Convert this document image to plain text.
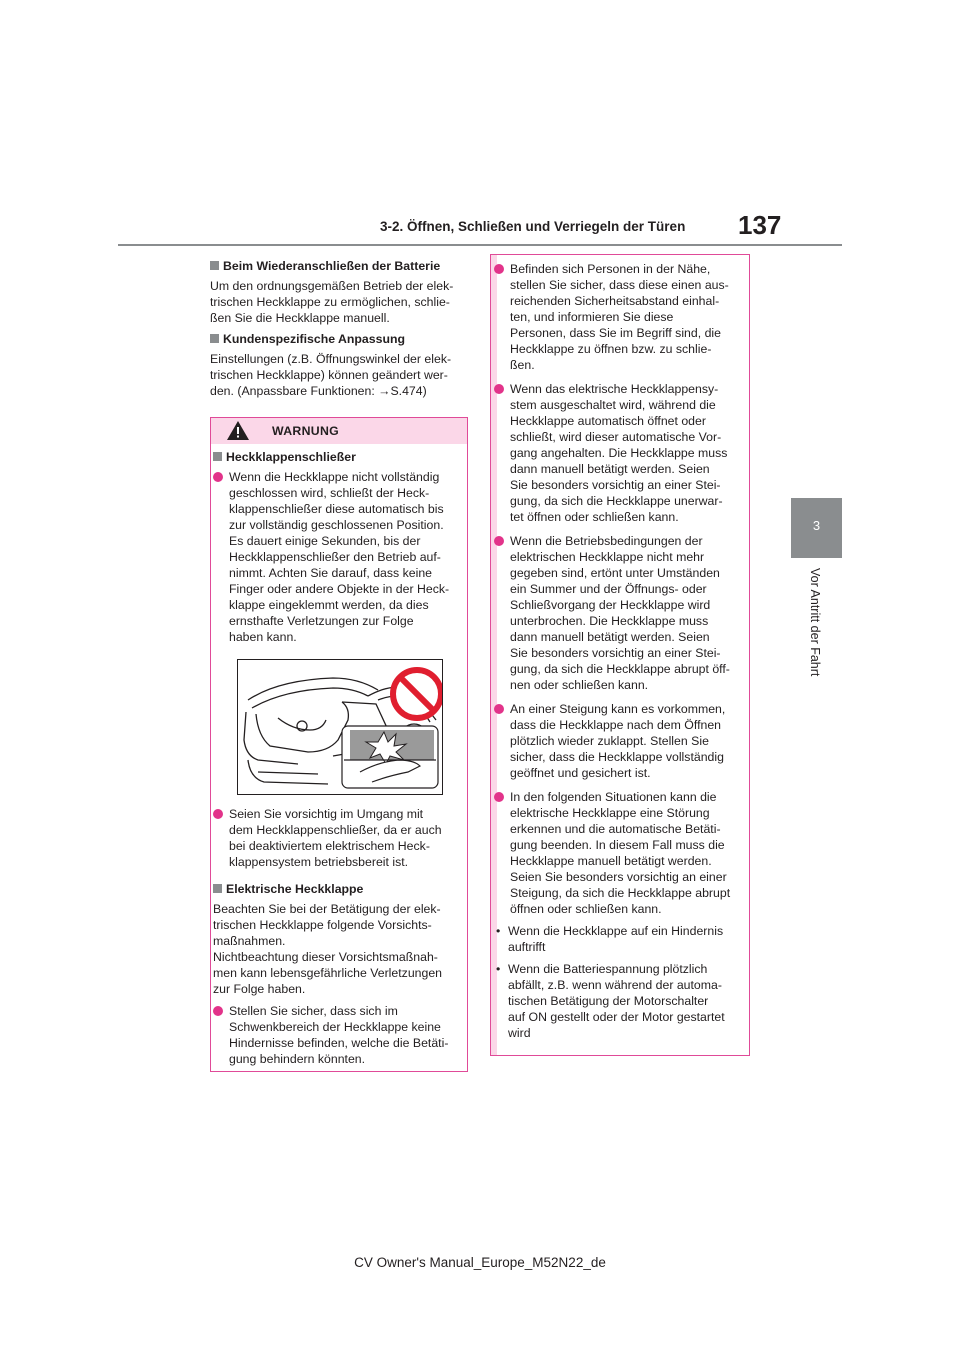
3-2. Öffnen, Schließen und Verriegeln der Türen 137
3
Vor Antritt der Fahrt
Beim Wiederanschließen der Batterie
Um den ordnungsgemäßen Betrieb der elek-
trischen Heckklappe zu ermöglichen, schlie-
ßen Sie die Heckklappe manuell.
Kundenspezifische Anpassung
Einstellungen (z.B. Öffnungswinkel der elek-
trischen Heckklappe) können geändert wer-
den. (Anpassbare Funktionen: →S.474)
WARNUNG
Heckklappenschließer
Wenn die Heckklappe nicht vollständig
geschlossen wird, schließt der Heck-
klappenschließer diese automatisch bis
zur vollständig geschlossenen Position.
Es dauert einige Sekunden, bis der
Heckklappenschließer den Betrieb auf-
nimmt. Achten Sie darauf, dass keine
Finger oder andere Objekte in der Heck-
klappe eingeklemmt werden, da dies
ernsthafte Verletzungen zur Folge
haben kann.
Seien Sie vorsichtig im Umgang mit
dem Heckklappenschließer, da er auch
bei deaktiviertem elektrischem Heck-
klappensystem betriebsbereit ist.
Elektrische Heckklappe
Beachten Sie bei der Betätigung der elek-
trischen Heckklappe folgende Vorsichts-
maßnahmen.
Nichtbeachtung dieser Vorsichtsmaßnah-
men kann lebensgefährliche Verletzungen
zur Folge haben.
Stellen Sie sicher, dass sich im
Schwenkbereich der Heckklappe keine
Hindernisse befinden, welche die Betäti-
gung behindern könnten.
Befinden sich Personen in der Nähe,
stellen Sie sicher, dass diese einen aus-
reichenden Sicherheitsabstand einhal-
ten, und informieren Sie diese
Personen, dass Sie im Begriff sind, die
Heckklappe zu öffnen bzw. zu schlie-
ßen.
Wenn das elektrische Heckklappensy-
stem ausgeschaltet wird, während die
Heckklappe automatisch öffnet oder
schließt, wird dieser automatische Vor-
gang angehalten. Die Heckklappe muss
dann manuell betätigt werden. Seien
Sie besonders vorsichtig an einer Stei-
gung, da sich die Heckklappe unerwar-
tet öffnen oder schließen kann.
Wenn die Betriebsbedingungen der
elektrischen Heckklappe nicht mehr
gegeben sind, ertönt unter Umständen
ein Summer und der Öffnungs- oder
Schließvorgang der Heckklappe wird
unterbrochen. Die Heckklappe muss
dann manuell betätigt werden. Seien
Sie besonders vorsichtig an einer Stei-
gung, da sich die Heckklappe abrupt öff-
nen oder schließen kann.
An einer Steigung kann es vorkommen,
dass die Heckklappe nach dem Öffnen
plötzlich wieder zuklappt. Stellen Sie
sicher, dass die Heckklappe vollständig
geöffnet und gesichert ist.
In den folgenden Situationen kann die
elektrische Heckklappe eine Störung
erkennen und die automatische Betäti-
gung beenden. In diesem Fall muss die
Heckklappe manuell betätigt werden.
Seien Sie besonders vorsichtig an einer
Steigung, da sich die Heckklappe abrupt
öffnen oder schließen kann.
• Wenn die Heckklappe auf ein Hindernis
auftrifft
• Wenn die Batteriespannung plötzlich
abfällt, z.B. wenn während der automa-
tischen Betätigung der Motorschalter
auf ON gestellt oder der Motor gestartet
wird
CV Owner's Manual_Europe_M52N22_de
